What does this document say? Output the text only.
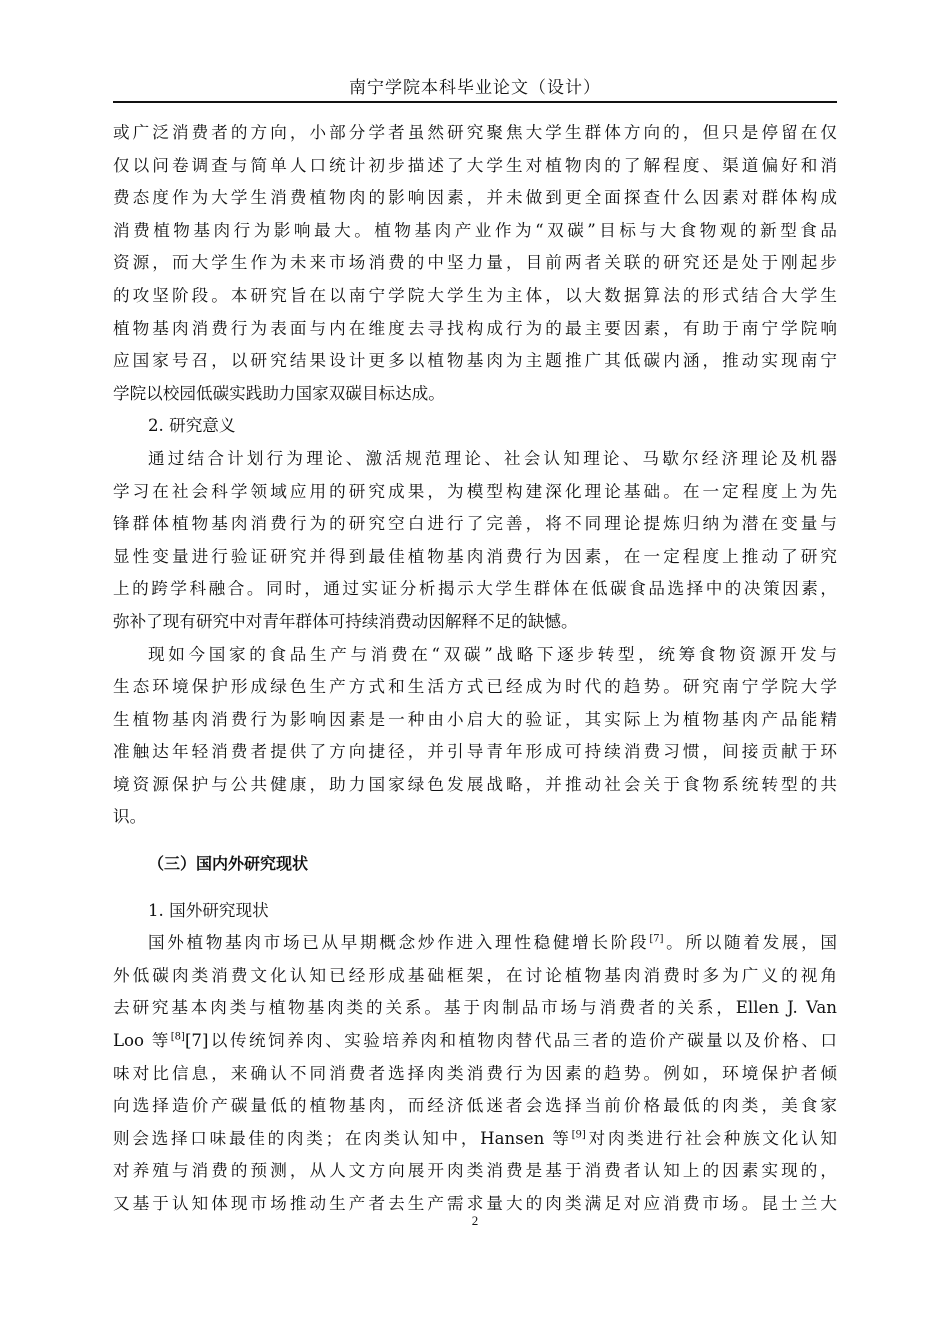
南宁学院本科毕业论文（设计）
或广泛消费者的方向，小部分学者虽然研究聚焦大学生群体方向的，但只是停留在仅
仅以问卷调查与简单人口统计初步描述了大学生对植物肉的了解程度、渠道偏好和消
费态度作为大学生消费植物肉的影响因素，并未做到更全面探查什么因素对群体构成
消费植物基肉行为影响最大。植物基肉产业作为“双碳”目标与大食物观的新型食品
资源，而大学生作为未来市场消费的中坚力量，目前两者关联的研究还是处于刚起步
的攻坚阶段。本研究旨在以南宁学院大学生为主体，以大数据算法的形式结合大学生
植物基肉消费行为表面与内在维度去寻找构成行为的最主要因素，有助于南宁学院响
应国家号召，以研究结果设计更多以植物基肉为主题推广其低碳内涵，推动实现南宁
学院以校园低碳实践助力国家双碳目标达成。
2. 研究意义
通过结合计划行为理论、激活规范理论、社会认知理论、马歇尔经济理论及机器
学习在社会科学领域应用的研究成果，为模型构建深化理论基础。在一定程度上为先
锋群体植物基肉消费行为的研究空白进行了完善，将不同理论提炼归纳为潜在变量与
显性变量进行验证研究并得到最佳植物基肉消费行为因素，在一定程度上推动了研究
上的跨学科融合。同时，通过实证分析揭示大学生群体在低碳食品选择中的决策因素，
弥补了现有研究中对青年群体可持续消费动因解释不足的缺憾。
现如今国家的食品生产与消费在“双碳”战略下逐步转型，统筹食物资源开发与
生态环境保护形成绿色生产方式和生活方式已经成为时代的趋势。研究南宁学院大学
生植物基肉消费行为影响因素是一种由小启大的验证，其实际上为植物基肉产品能精
准触达年轻消费者提供了方向捷径，并引导青年形成可持续消费习惯，间接贡献于环
境资源保护与公共健康，助力国家绿色发展战略，并推动社会关于食物系统转型的共
识。
（三）国内外研究现状
1. 国外研究现状
国外植物基肉市场已从早期概念炒作进入理性稳健增长阶段[7]。所以随着发展，国
外低碳肉类消费文化认知已经形成基础框架，在讨论植物基肉消费时多为广义的视角
去研究基本肉类与植物基肉类的关系。基于肉制品市场与消费者的关系，Ellen J. Van
Loo 等[8][7]以传统饲养肉、实验培养肉和植物肉替代品三者的造价产碳量以及价格、口
味对比信息，来确认不同消费者选择肉类消费行为因素的趋势。例如，环境保护者倾
向选择造价产碳量低的植物基肉，而经济低迷者会选择当前价格最低的肉类，美食家
则会选择口味最佳的肉类；在肉类认知中，Hansen 等[9]对肉类进行社会种族文化认知
对养殖与消费的预测，从人文方向展开肉类消费是基于消费者认知上的因素实现的，
又基于认知体现市场推动生产者去生产需求量大的肉类满足对应消费市场。昆士兰大
2
